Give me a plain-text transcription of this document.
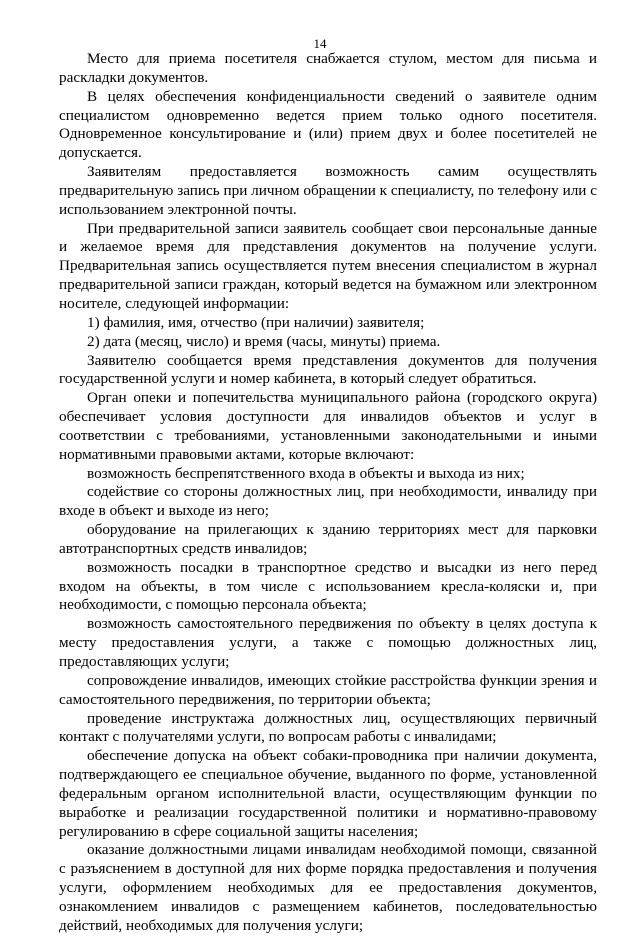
14

Место для приема посетителя снабжается стулом, местом для письма и раскладки документов.

В целях обеспечения конфиденциальности сведений о заявителе одним специалистом одновременно ведется прием только одного посетителя. Одновременное консультирование и (или) прием двух и более посетителей не допускается.

Заявителям предоставляется возможность самим осуществлять предварительную запись при личном обращении к специалисту, по телефону или с использованием электронной почты.

При предварительной записи заявитель сообщает свои персональные данные и желаемое время для представления документов на получение услуги. Предварительная запись осуществляется путем внесения специалистом в журнал предварительной записи граждан, который ведется на бумажном или электронном носителе, следующей информации:

1) фамилия, имя, отчество (при наличии) заявителя;

2) дата (месяц, число) и время (часы, минуты) приема.

Заявителю сообщается время представления документов для получения государственной услуги и номер кабинета, в который следует обратиться.

Орган опеки и попечительства муниципального района (городского округа) обеспечивает условия доступности для инвалидов объектов и услуг в соответствии с требованиями, установленными законодательными и иными нормативными правовыми актами, которые включают:

возможность беспрепятственного входа в объекты и выхода из них;

содействие со стороны должностных лиц, при необходимости, инвалиду при входе в объект и выходе из него;

оборудование на прилегающих к зданию территориях мест для парковки автотранспортных средств инвалидов;

возможность посадки в транспортное средство и высадки из него перед входом на объекты, в том числе с использованием кресла-коляски и, при необходимости, с помощью персонала объекта;

возможность самостоятельного передвижения по объекту в целях доступа к месту предоставления услуги, а также с помощью должностных лиц, предоставляющих услуги;

сопровождение инвалидов, имеющих стойкие расстройства функции зрения и самостоятельного передвижения, по территории объекта;

проведение инструктажа должностных лиц, осуществляющих первичный контакт с получателями услуги, по вопросам работы с инвалидами;

обеспечение допуска на объект собаки-проводника при наличии документа, подтверждающего ее специальное обучение, выданного по форме, установленной федеральным органом исполнительной власти, осуществляющим функции по выработке и реализации государственной политики и нормативно-правовому регулированию в сфере социальной защиты населения;

оказание должностными лицами инвалидам необходимой помощи, связанной с разъяснением в доступной для них форме порядка предоставления и получения услуги, оформлением необходимых для ее предоставления документов, ознакомлением инвалидов с размещением кабинетов, последовательностью действий, необходимых для получения услуги;
